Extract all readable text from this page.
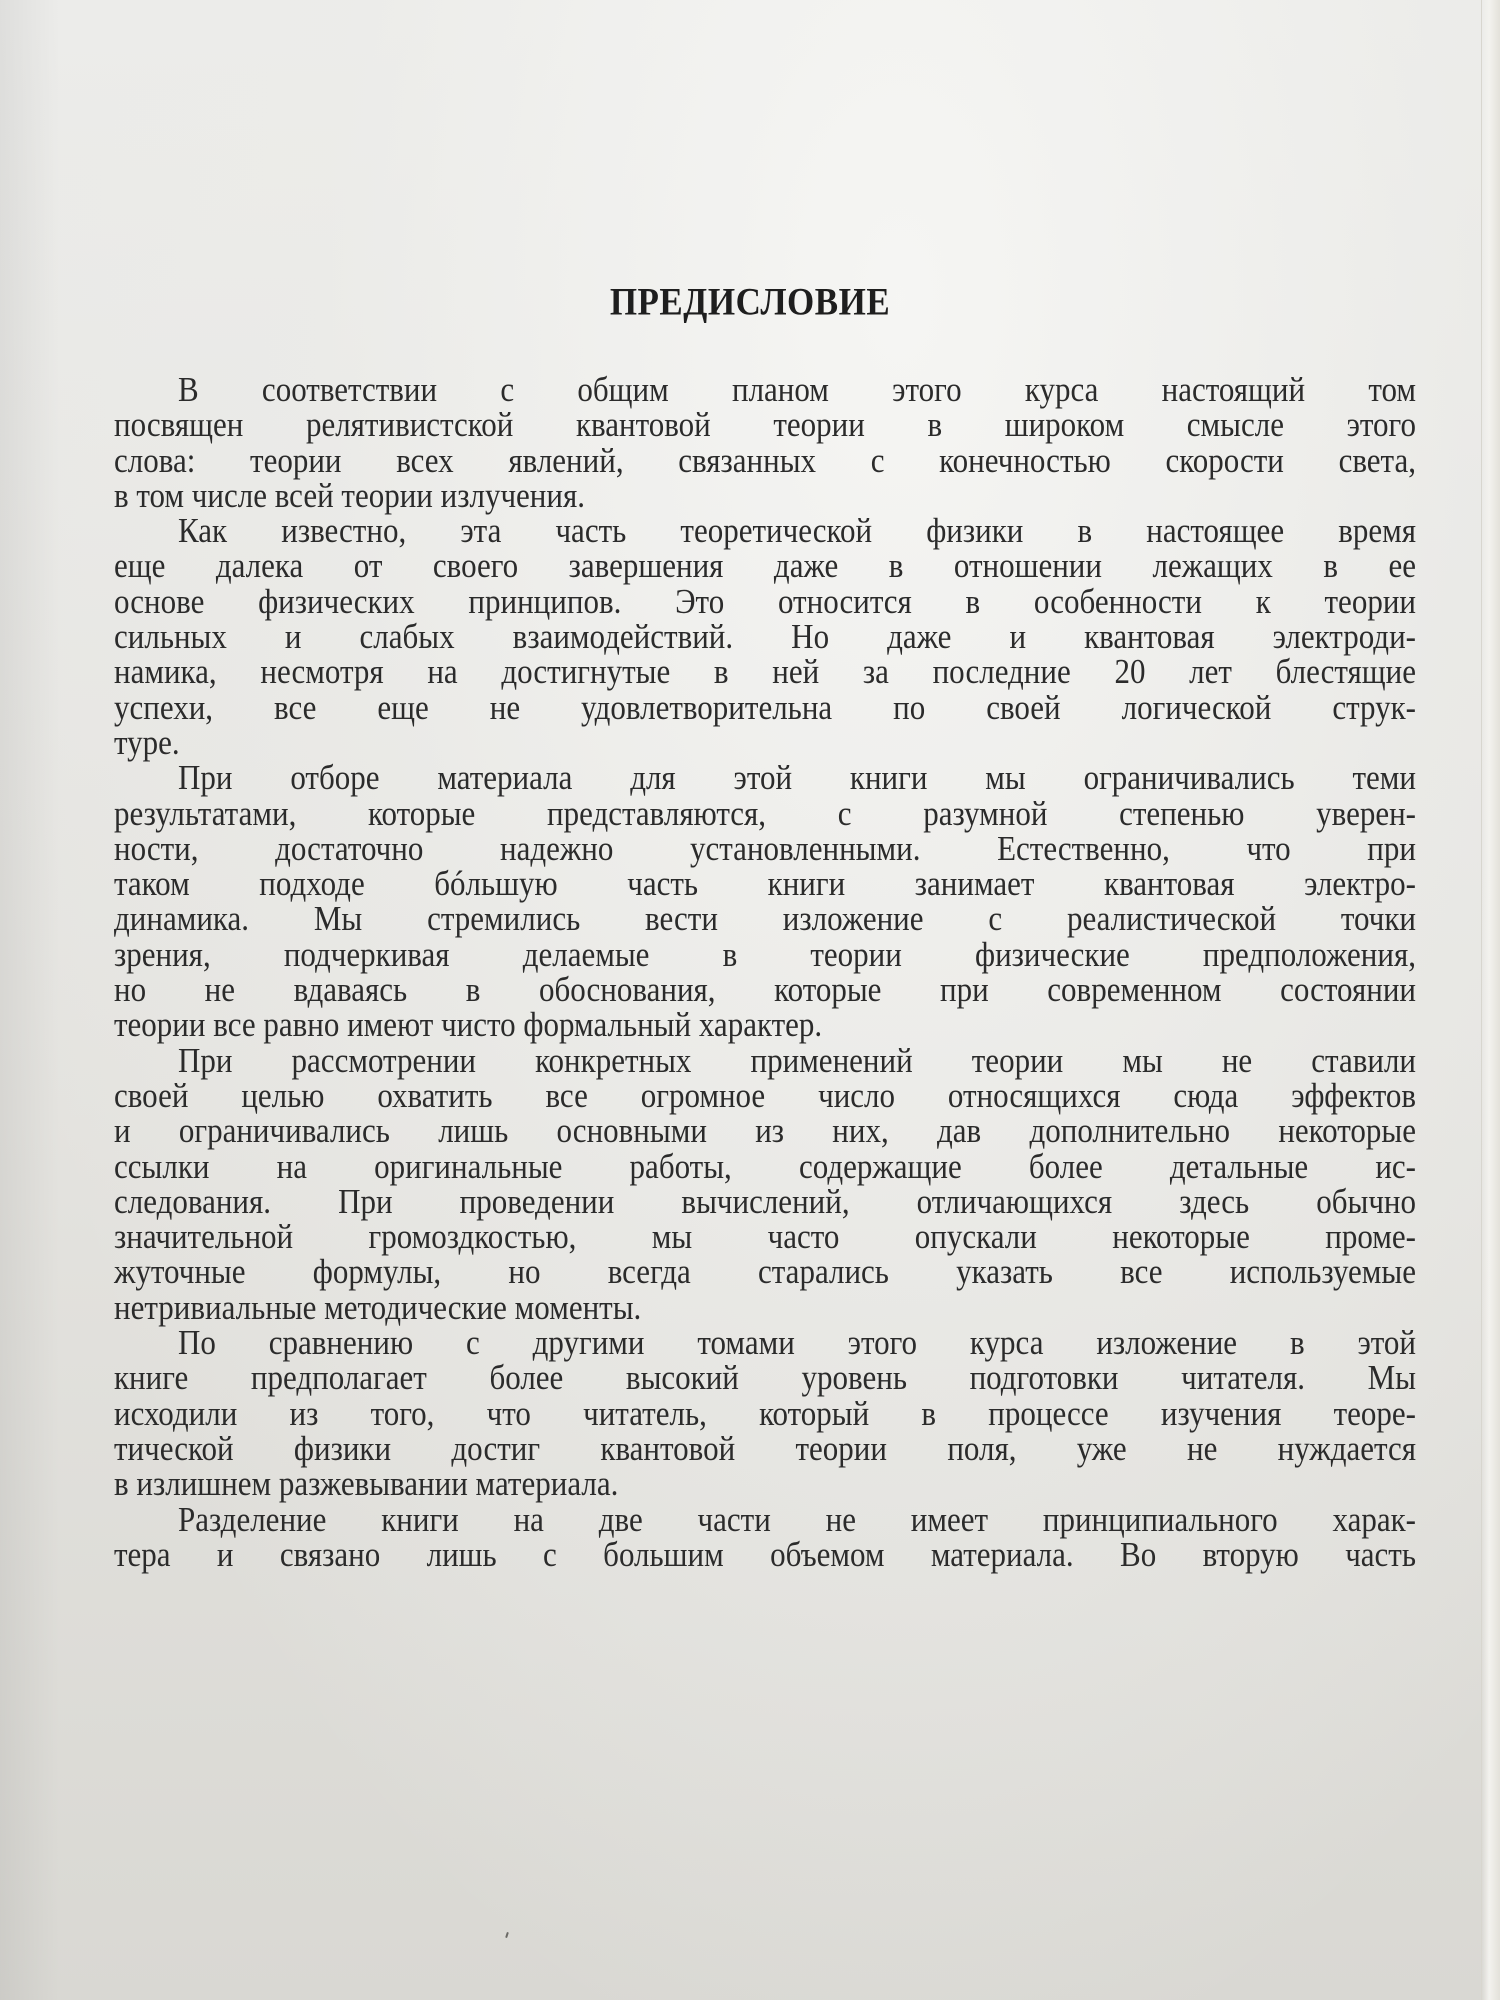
ПРЕДИСЛОВИЕ
В соответствии с общим планом этого курса настоящий том
посвящен релятивистской квантовой теории в широком смысле этого
слова: теории всех явлений, связанных с конечностью скорости света,
в том числе всей теории излучения.
Как известно, эта часть теоретической физики в настоящее время
еще далека от своего завершения даже в отношении лежащих в ее
основе физических принципов. Это относится в особенности к теории
сильных и слабых взаимодействий. Но даже и квантовая электроди-
намика, несмотря на достигнутые в ней за последние 20 лет блестящие
успехи, все еще не удовлетворительна по своей логической струк-
туре.
При отборе материала для этой книги мы ограничивались теми
результатами, которые представляются, с разумной степенью уверен-
ности, достаточно надежно установленными. Естественно, что при
таком подходе бóльшую часть книги занимает квантовая электро-
динамика. Мы стремились вести изложение с реалистической точки
зрения, подчеркивая делаемые в теории физические предположения,
но не вдаваясь в обоснования, которые при современном состоянии
теории все равно имеют чисто формальный характер.
При рассмотрении конкретных применений теории мы не ставили
своей целью охватить все огромное число относящихся сюда эффектов
и ограничивались лишь основными из них, дав дополнительно некоторые
ссылки на оригинальные работы, содержащие более детальные ис-
следования. При проведении вычислений, отличающихся здесь обычно
значительной громоздкостью, мы часто опускали некоторые проме-
жуточные формулы, но всегда старались указать все используемые
нетривиальные методические моменты.
По сравнению с другими томами этого курса изложение в этой
книге предполагает более высокий уровень подготовки читателя. Мы
исходили из того, что читатель, который в процессе изучения теоре-
тической физики достиг квантовой теории поля, уже не нуждается
в излишнем разжевывании материала.
Разделение книги на две части не имеет принципиального харак-
тера и связано лишь с большим объемом материала. Во вторую часть
